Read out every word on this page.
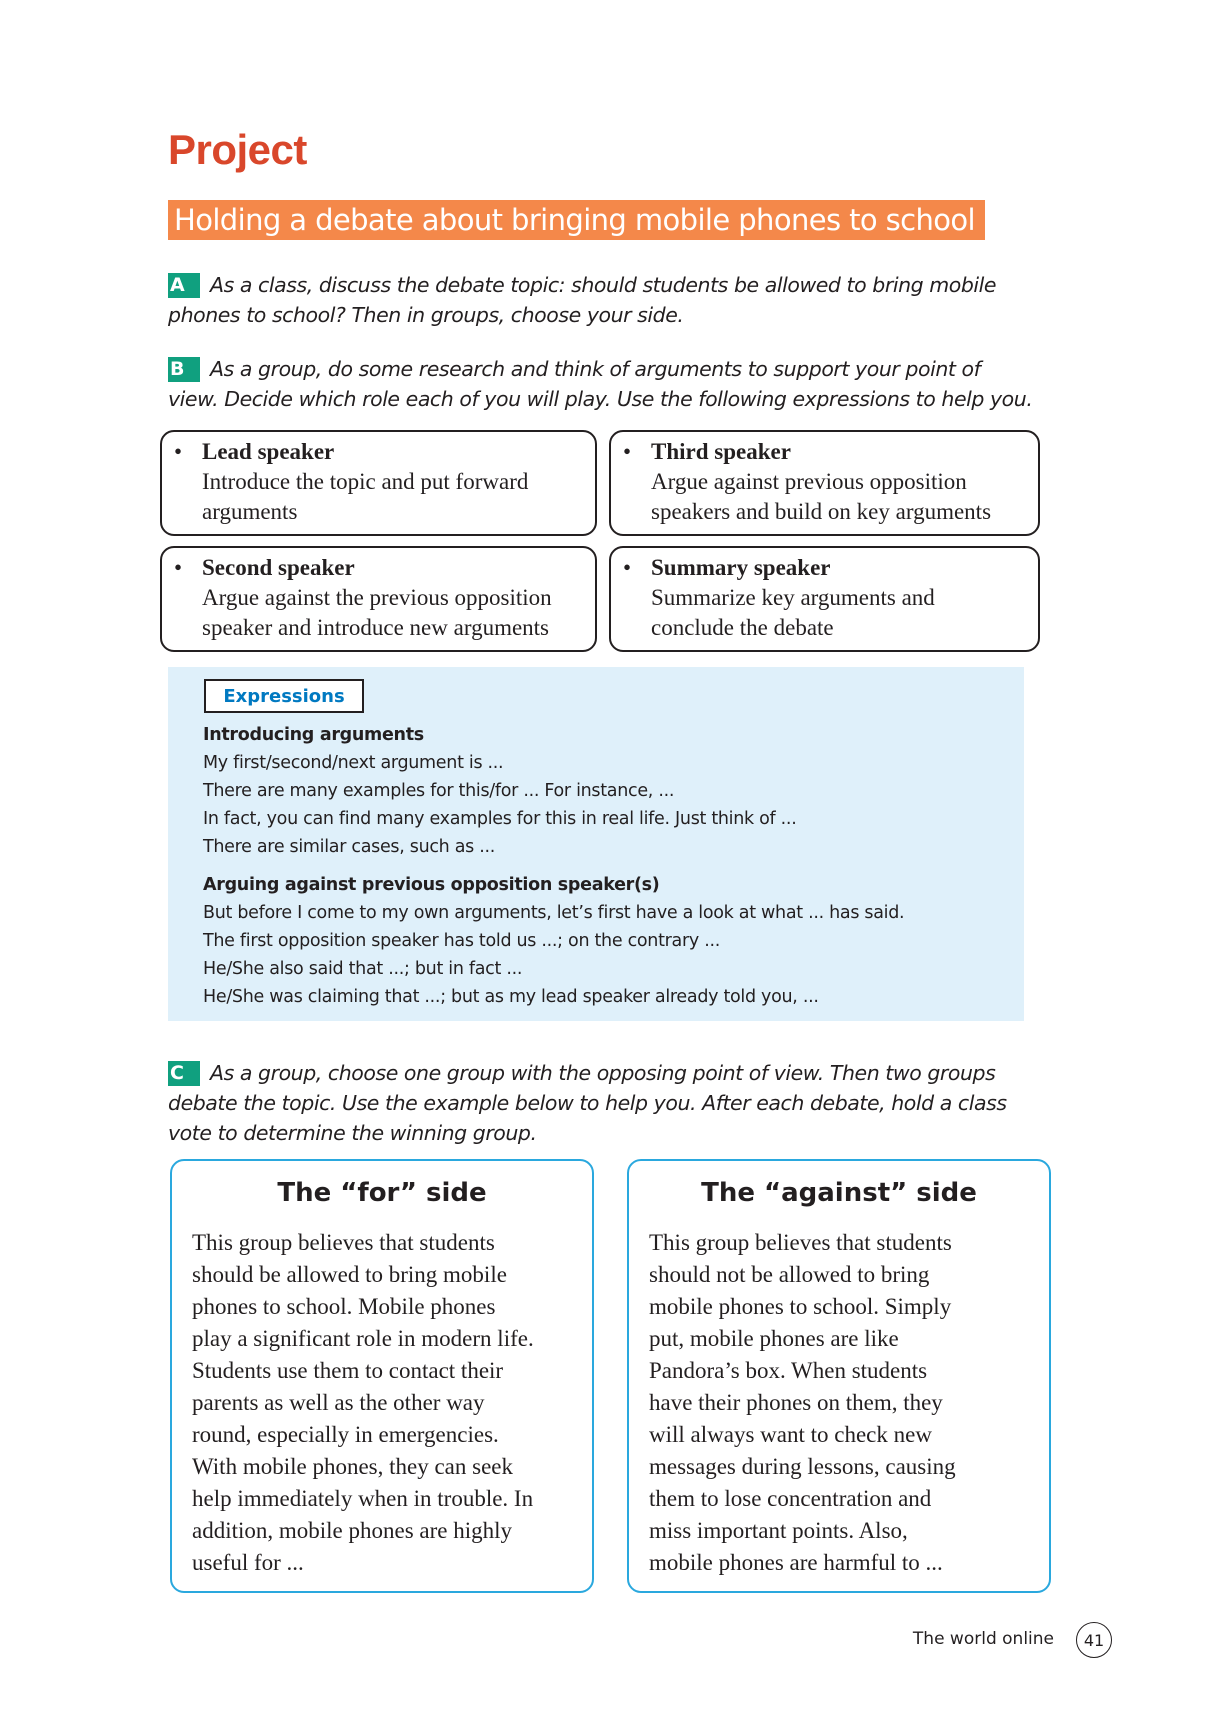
Project
Holding a debate about bringing mobile phones to school
A As a class, discuss the debate topic: should students be allowed to bring mobile phones to school? Then in groups, choose your side.
B As a group, do some research and think of arguments to support your point of view. Decide which role each of you will play. Use the following expressions to help you.
• Lead speaker
Introduce the topic and put forward
arguments
• Third speaker
Argue against previous opposition
speakers and build on key arguments
• Second speaker
Argue against the previous opposition
speaker and introduce new arguments
• Summary speaker
Summarize key arguments and
conclude the debate
Expressions
Introducing arguments
My first/second/next argument is ...
There are many examples for this/for ... For instance, ...
In fact, you can find many examples for this in real life. Just think of ...
There are similar cases, such as ...
Arguing against previous opposition speaker(s)
But before I come to my own arguments, let’s first have a look at what ... has said.
The first opposition speaker has told us ...; on the contrary ...
He/She also said that ...; but in fact ...
He/She was claiming that ...; but as my lead speaker already told you, ...
C As a group, choose one group with the opposing point of view. Then two groups debate the topic. Use the example below to help you. After each debate, hold a class vote to determine the winning group.
The “for” side
This group believes that students
should be allowed to bring mobile
phones to school. Mobile phones
play a significant role in modern life.
Students use them to contact their
parents as well as the other way
round, especially in emergencies.
With mobile phones, they can seek
help immediately when in trouble. In
addition, mobile phones are highly
useful for ...
The “against” side
This group believes that students
should not be allowed to bring
mobile phones to school. Simply
put, mobile phones are like
Pandora’s box. When students
have their phones on them, they
will always want to check new
messages during lessons, causing
them to lose concentration and
miss important points. Also,
mobile phones are harmful to ...
The world online	41
